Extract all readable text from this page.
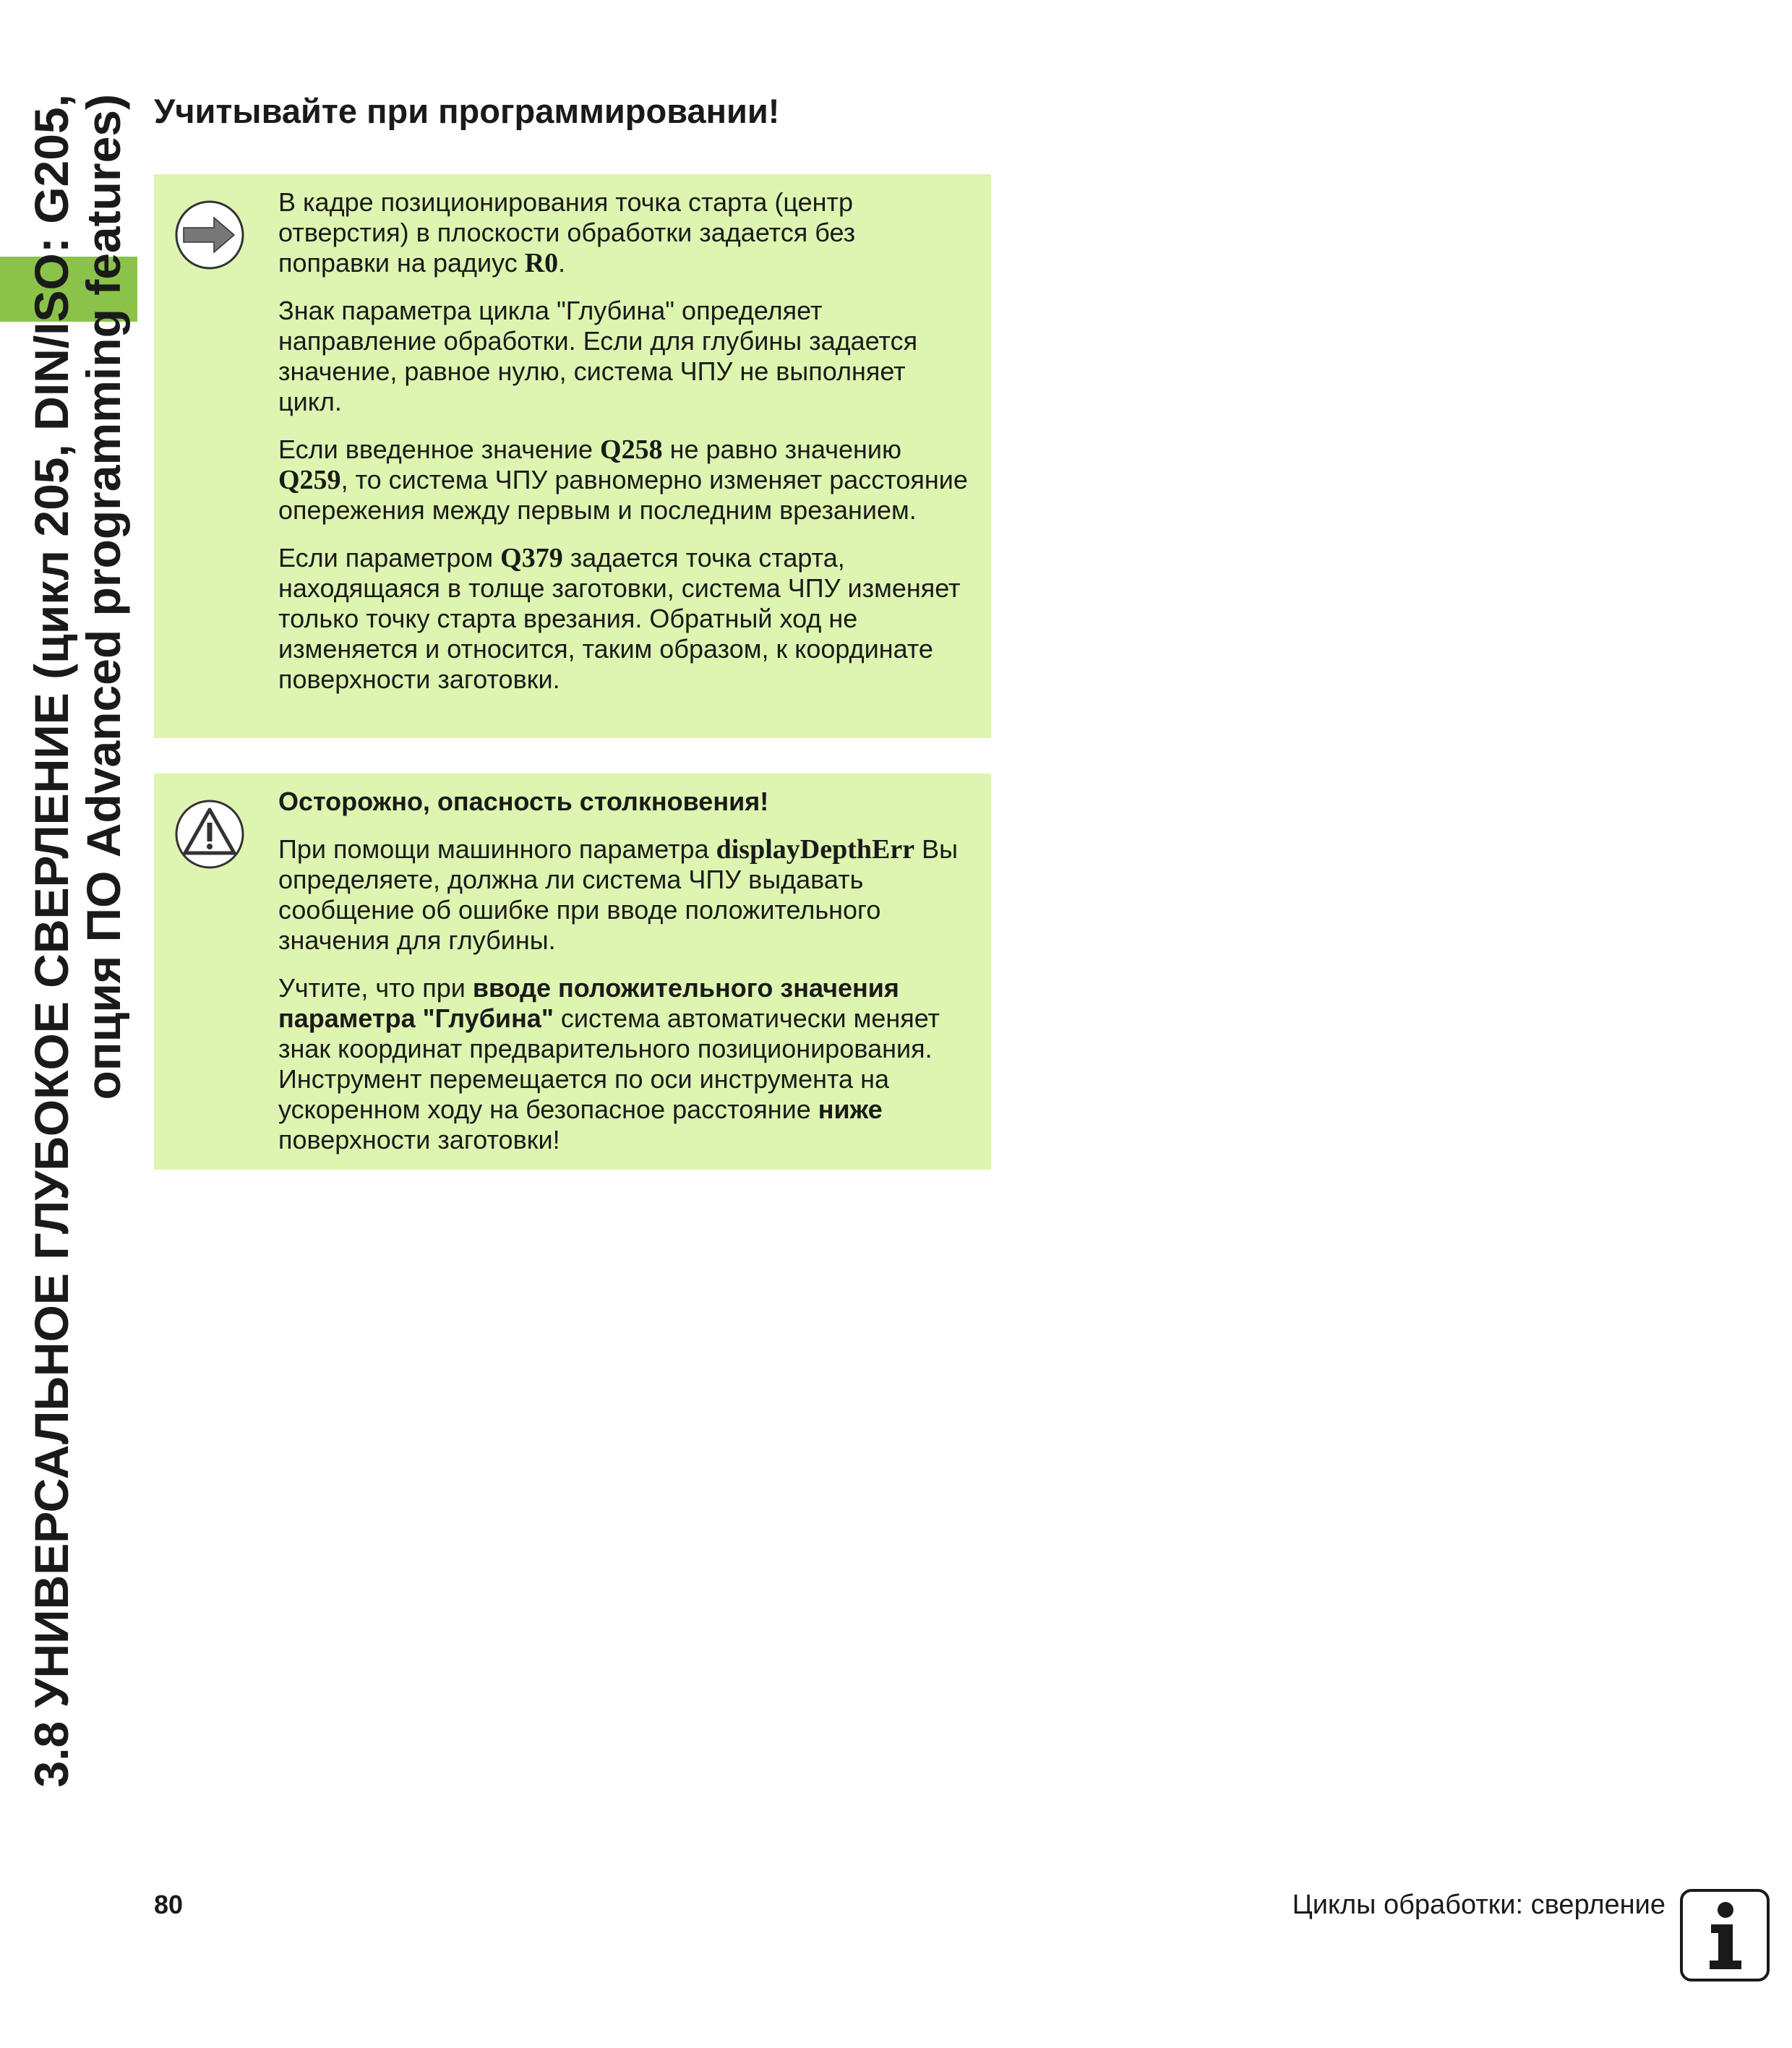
3.8 УНИВЕРСАЛЬНОЕ ГЛУБОКОЕ СВЕРЛЕНИЕ (цикл 205, DIN/ISO: G205,
опция ПО Advanced programming features) Учитывайте при программировании!

В кадре позиционирования точка старта (центр отверстия) в плоскости обработки задается без поправки на радиус R0.

Знак параметра цикла "Глубина" определяет направление обработки. Если для глубины задается значение, равное нулю, система ЧПУ не выполняет цикл.

Если введенное значение Q258 не равно значению Q259, то система ЧПУ равномерно изменяет расстояние опережения между первым и последним врезанием.

Если параметром Q379 задается точка старта, находящаяся в толще заготовки, система ЧПУ изменяет только точку старта врезания. Обратный ход не изменяется и относится, таким образом, к координате поверхности заготовки.

Осторожно, опасность столкновения!

При помощи машинного параметра displayDepthErr Вы определяете, должна ли система ЧПУ выдавать сообщение об ошибке при вводе положительного значения для глубины.

Учтите, что при вводе положительного значения параметра "Глубина" система автоматически меняет знак координат предварительного позиционирования. Инструмент перемещается по оси инструмента на ускоренном ходу на безопасное расстояние ниже поверхности заготовки!

80	Циклы обработки: сверление
